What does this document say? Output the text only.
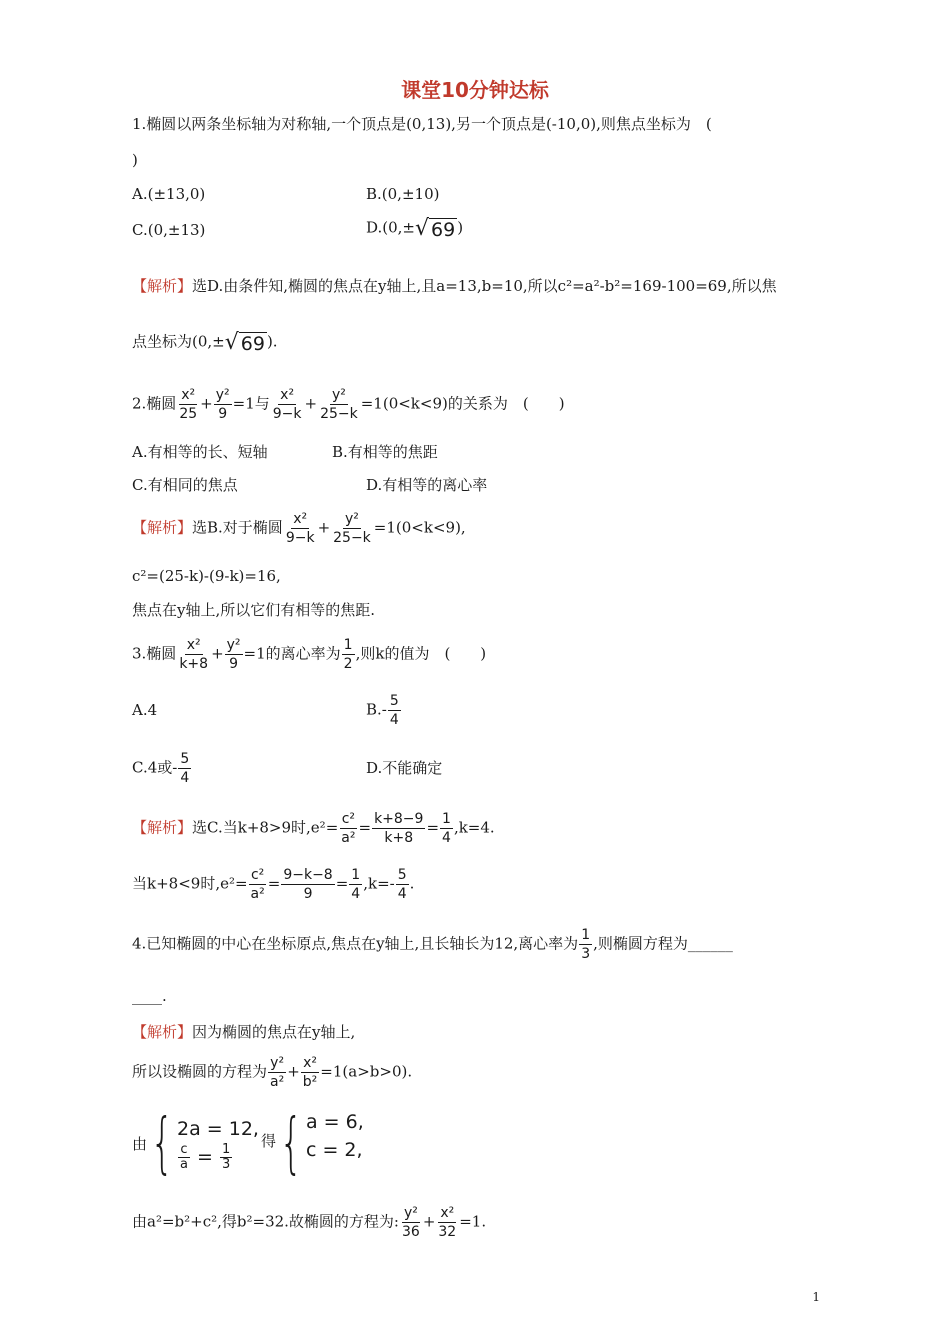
课堂10分钟达标
1.椭圆以两条坐标轴为对称轴,一个顶点是(0,13),另一个顶点是(-10,0),则焦点坐标为　(
)
A.(±13,0)	B.(0,±10)
C.(0,±13)	D.(0,± √ 69 )
【解析】选D.由条件知,椭圆的焦点在y轴上,且a=13,b=10,所以c²=a²-b²=169-100=69,所以焦
点坐标为(0,± √ 69 ).
2.椭圆 $\frac{\text{x²}}{25} + \frac{\text{y²}}{9} =1$与 $\frac{\text{x²}}{9-k} + \frac{\text{y²}}{25-k} =1(0<k<9)$的关系为　(　　)
A.有相等的长、短轴	B.有相等的焦距
C.有相同的焦点	D.有相等的离心率
【解析】选B.对于椭圆 $\frac{\text{x²}}{9-k} + \frac{\text{y²}}{25-k} =1(0<k<9)$,
c²=(25-k)-(9-k)=16,
焦点在y轴上,所以它们有相等的焦距.
3.椭圆 $\frac{\text{x²}}{k+8} + \frac{\text{y²}}{9} =1$的离心率为 $\frac{1}{2}$ ,则k的值为　(　　)
A.4	$B.- \frac{5}{4}$
C.4或- $\frac{5}{4}$	D.不能确定
【解析】选C.当k+8>9时$,e^2= \frac{\text{c²}}{\text{a²}} = \frac{k+8-9}{k+8} = \frac{1}{4} ,k=4$.
当k+8<9时$,e^2= \frac{\text{c²}}{\text{a²}} = \frac{9-k-8}{9} = \frac{1}{4} ,k=- \frac{5}{4}$ .
4.已知椭圆的中心在坐标原点,焦点在y轴上,且长轴长为12,离心率为 $\frac{1}{3}$ ,则椭圆方程为______
____.
【解析】因为椭圆的焦点在y轴上,
所以设椭圆的方程为 $\frac{\text{y²}}{\text{a²}} + \frac{\text{x²}}{\text{b²}} =1(a>b>0)$.
由 { 2a = 12,
$\frac{c}{a} = \frac{1}{3}$
得 { a = 6,
c = 2,
由a²=b²+c²,得b²=32.故椭圆的方程为: $\frac{\text{y²}}{36} + \frac{\text{x²}}{32} =1$.
1
